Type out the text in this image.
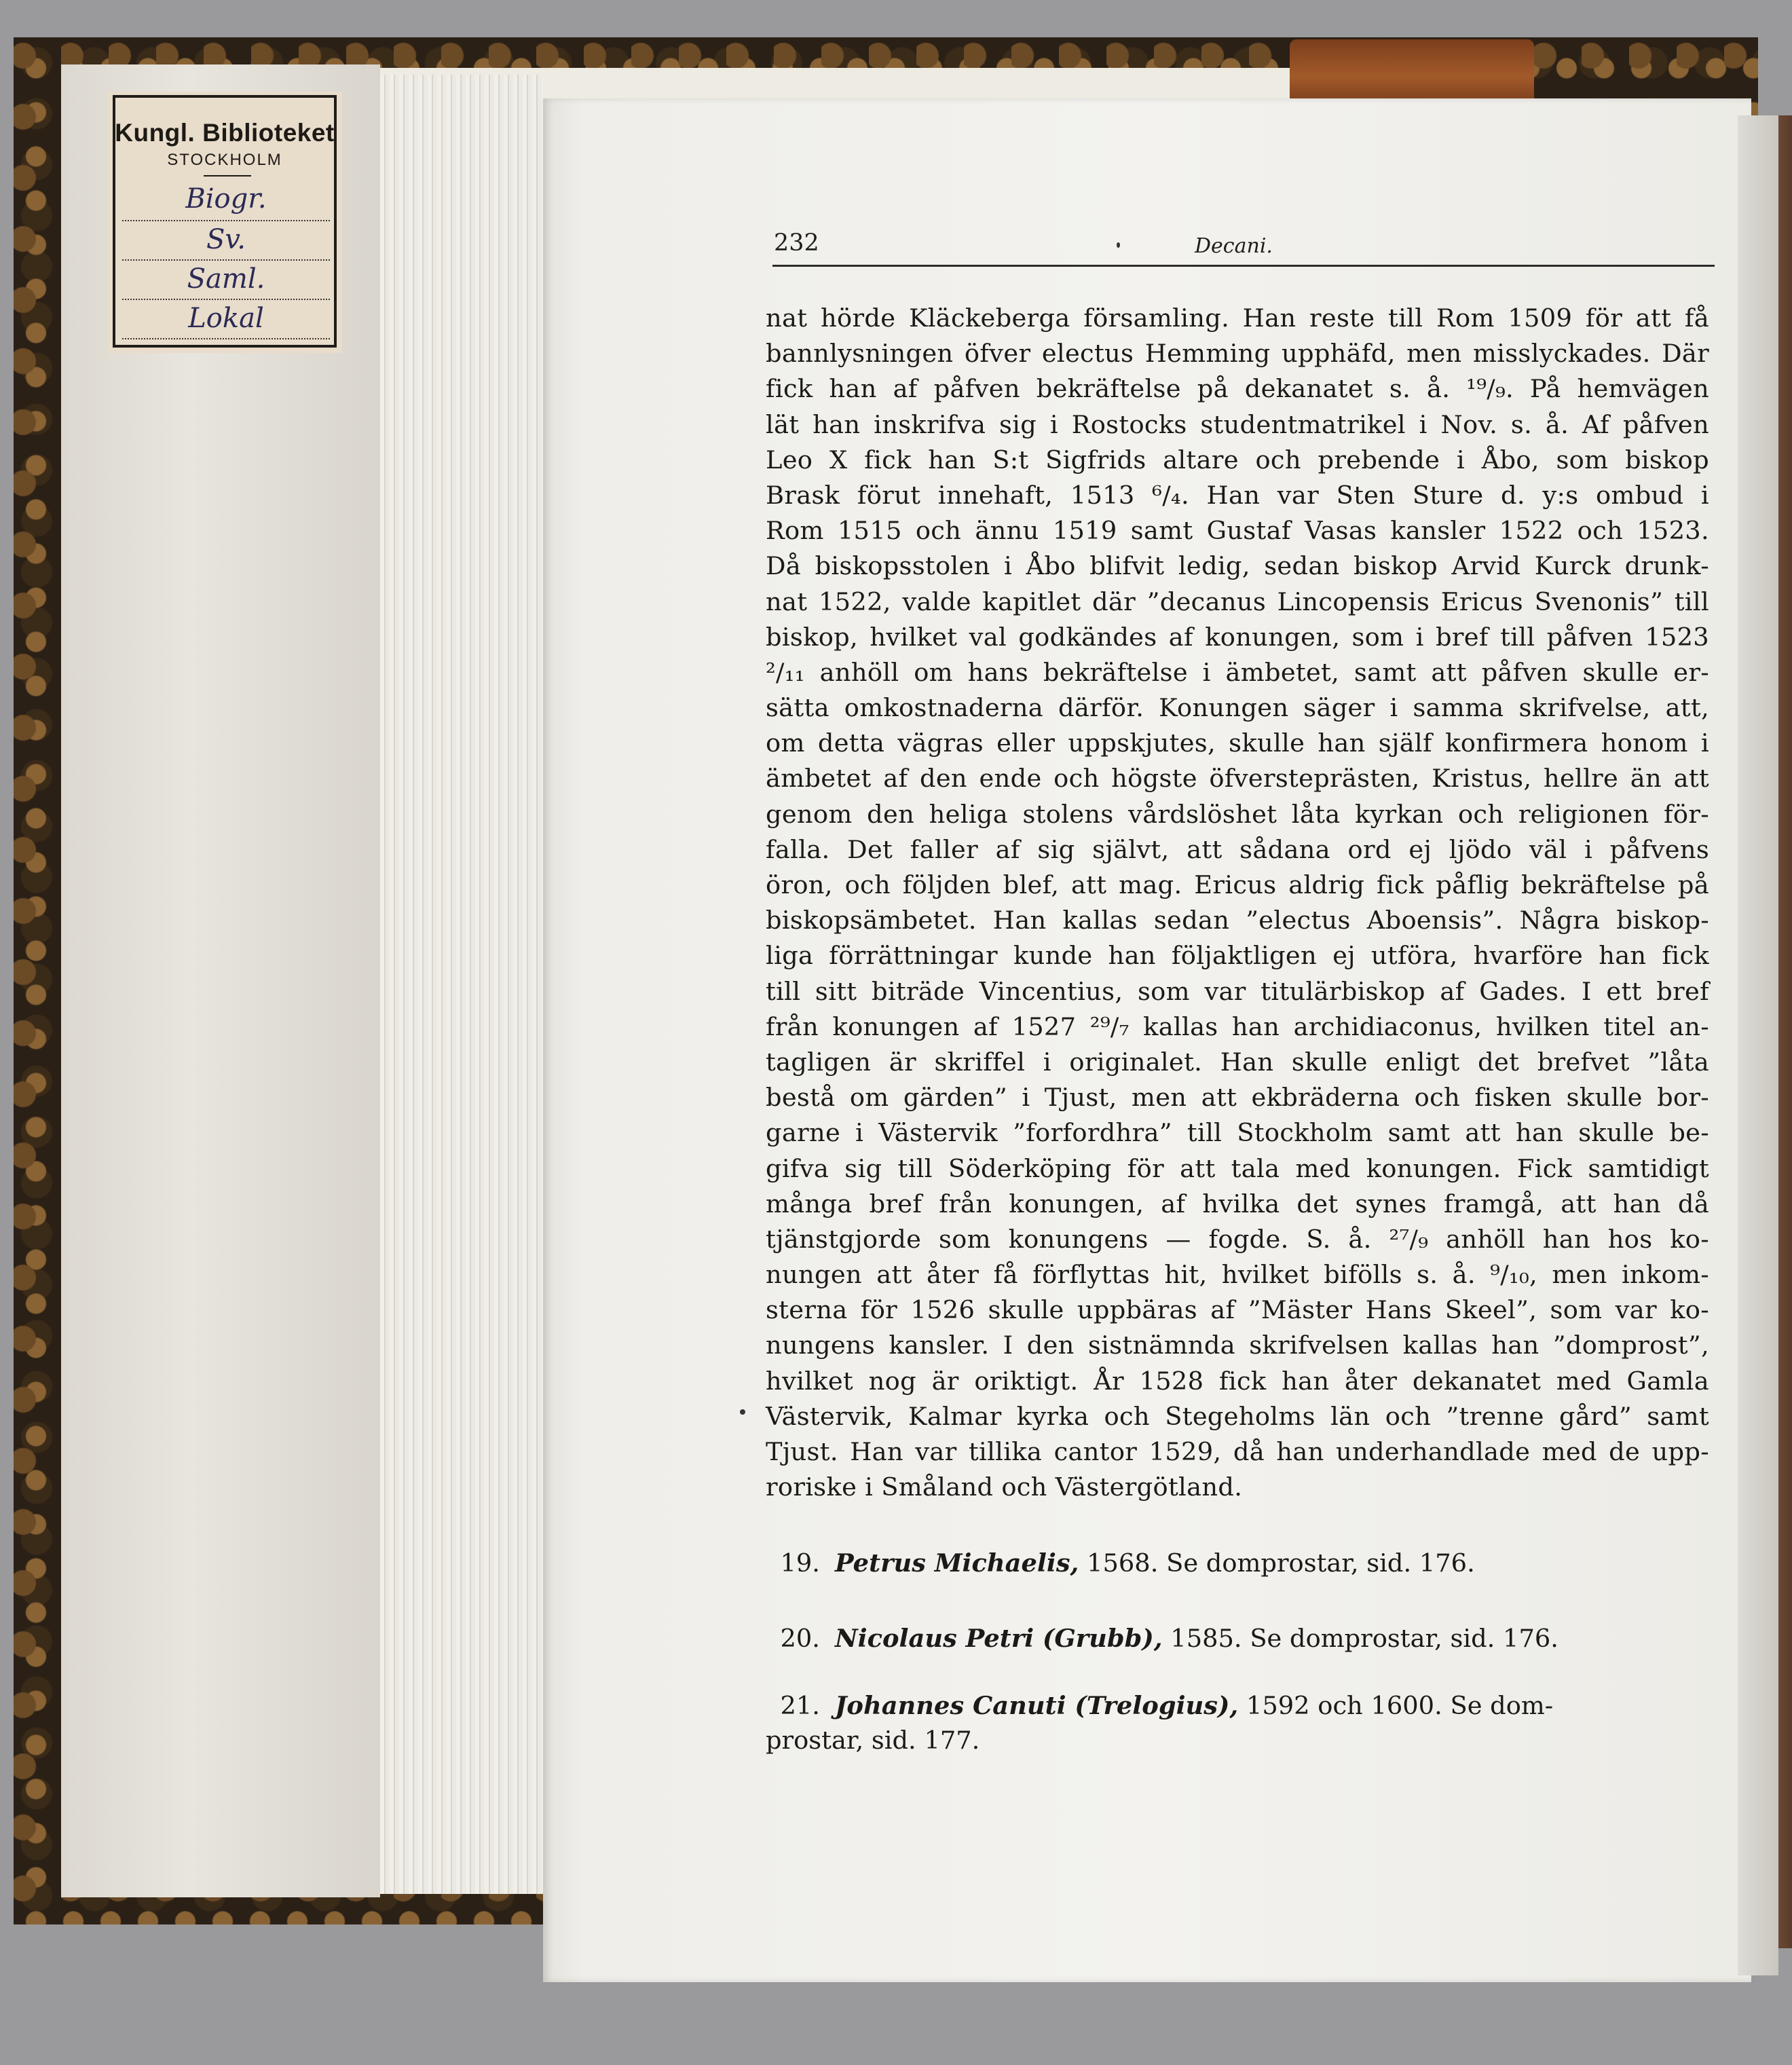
Kungl. Biblioteket
STOCKHOLM
Biogr.
Sv.
Saml.
Lokal
232	Decani.
nat hörde Kläckeberga församling. Han reste till Rom 1509 för att få
bannlysningen öfver electus Hemming upphäfd, men misslyckades. Där
fick han af påfven bekräftelse på dekanatet s. å. ¹⁹/₉. På hemvägen
lät han inskrifva sig i Rostocks studentmatrikel i Nov. s. å. Af påfven
Leo X fick han S:t Sigfrids altare och prebende i Åbo, som biskop
Brask förut innehaft, 1513 ⁶/₄. Han var Sten Sture d. y:s ombud i
Rom 1515 och ännu 1519 samt Gustaf Vasas kansler 1522 och 1523.
Då biskopsstolen i Åbo blifvit ledig, sedan biskop Arvid Kurck drunk-
nat 1522, valde kapitlet där ”decanus Lincopensis Ericus Svenonis” till
biskop, hvilket val godkändes af konungen, som i bref till påfven 1523
²/₁₁ anhöll om hans bekräftelse i ämbetet, samt att påfven skulle er-
sätta omkostnaderna därför. Konungen säger i samma skrifvelse, att,
om detta vägras eller uppskjutes, skulle han själf konfirmera honom i
ämbetet af den ende och högste öfversteprästen, Kristus, hellre än att
genom den heliga stolens vårdslöshet låta kyrkan och religionen för-
falla. Det faller af sig självt, att sådana ord ej ljödo väl i påfvens
öron, och följden blef, att mag. Ericus aldrig fick påflig bekräftelse på
biskopsämbetet. Han kallas sedan ”electus Aboensis”. Några biskop-
liga förrättningar kunde han följaktligen ej utföra, hvarföre han fick
till sitt biträde Vincentius, som var titulärbiskop af Gades. I ett bref
från konungen af 1527 ²⁹/₇ kallas han archidiaconus, hvilken titel an-
tagligen är skriffel i originalet. Han skulle enligt det brefvet ”låta
bestå om gärden” i Tjust, men att ekbräderna och fisken skulle bor-
garne i Västervik ”forfordhra” till Stockholm samt att han skulle be-
gifva sig till Söderköping för att tala med konungen. Fick samtidigt
många bref från konungen, af hvilka det synes framgå, att han då
tjänstgjorde som konungens — fogde. S. å. ²⁷/₉ anhöll han hos ko-
nungen att åter få förflyttas hit, hvilket bifölls s. å. ⁹/₁₀, men inkom-
sterna för 1526 skulle uppbäras af ”Mäster Hans Skeel”, som var ko-
nungens kansler. I den sistnämnda skrifvelsen kallas han ”domprost”,
hvilket nog är oriktigt. År 1528 fick han åter dekanatet med Gamla
Västervik, Kalmar kyrka och Stegeholms län och ”trenne gård” samt
Tjust. Han var tillika cantor 1529, då han underhandlade med de upp-
roriske i Småland och Västergötland.
19. Petrus Michaelis, 1568. Se domprostar, sid. 176.
20. Nicolaus Petri (Grubb), 1585. Se domprostar, sid. 176.
21. Johannes Canuti (Trelogius), 1592 och 1600. Se dom-
prostar, sid. 177.
